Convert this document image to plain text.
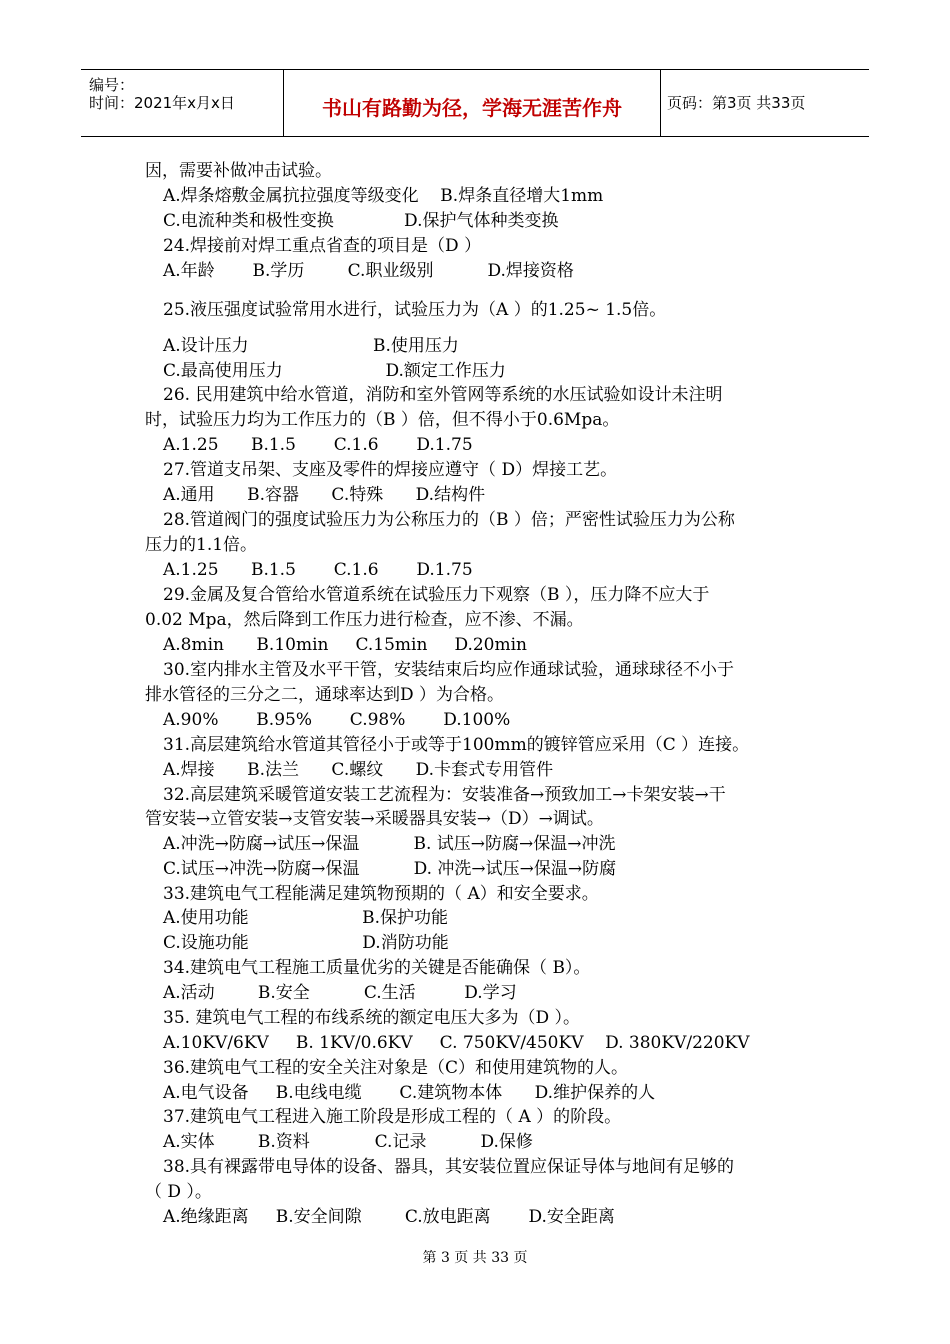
编号：
时间：2021年x月x日	书山有路勤为径，学海无涯苦作舟	页码：第3页 共33页
因，需要补做冲击试验。
A.焊条熔敷金属抗拉强度等级变化    B.焊条直径增大1mm
C.电流种类和极性变换             D.保护气体种类变换
24.焊接前对焊工重点省查的项目是（D ）
A.年龄       B.学历        C.职业级别          D.焊接资格
25.液压强度试验常用水进行，试验压力为（A ）的1.25~ 1.5倍。
A.设计压力                       B.使用压力
C.最高使用压力                   D.额定工作压力
26. 民用建筑中给水管道，消防和室外管网等系统的水压试验如设计未注明
时，试验压力均为工作压力的（B ）倍，但不得小于0.6Mpa。
A.1.25      B.1.5       C.1.6       D.1.75
27.管道支吊架、支座及零件的焊接应遵守（ D）焊接工艺。
A.通用      B.容器      C.特殊      D.结构件
28.管道阀门的强度试验压力为公称压力的（B ）倍；严密性试验压力为公称
压力的1.1倍。
A.1.25      B.1.5       C.1.6       D.1.75
29.金属及复合管给水管道系统在试验压力下观察（B ），压力降不应大于
0.02 Mpa，然后降到工作压力进行检查，应不渗、不漏。
A.8min      B.10min     C.15min     D.20min
30.室内排水主管及水平干管，安装结束后均应作通球试验，通球球径不小于
排水管径的三分之二，通球率达到D ）为合格。
A.90%       B.95%       C.98%       D.100%
31.高层建筑给水管道其管径小于或等于100mm的镀锌管应采用（C ）连接。
A.焊接      B.法兰      C.螺纹      D.卡套式专用管件
32.高层建筑采暖管道安装工艺流程为：安装准备→预致加工→卡架安装→干
管安装→立管安装→支管安装→采暖器具安装→（D）→调试。
A.冲洗→防腐→试压→保温          B. 试压→防腐→保温→冲洗
C.试压→冲洗→防腐→保温          D. 冲洗→试压→保温→防腐
33.建筑电气工程能满足建筑物预期的（ A）和安全要求。
A.使用功能                     B.保护功能
C.设施功能                     D.消防功能
34.建筑电气工程施工质量优劣的关键是否能确保（ B）。
A.活动        B.安全          C.生活         D.学习
35. 建筑电气工程的布线系统的额定电压大多为（D ）。
A.10KV/6KV     B. 1KV/0.6KV     C. 750KV/450KV    D. 380KV/220KV
36.建筑电气工程的安全关注对象是（C）和使用建筑物的人。
A.电气设备     B.电线电缆       C.建筑物本体      D.维护保养的人
37.建筑电气工程进入施工阶段是形成工程的（ A ）的阶段。
A.实体        B.资料            C.记录          D.保修
38.具有裸露带电导体的设备、器具，其安装位置应保证导体与地间有足够的
（ D ）。
A.绝缘距离     B.安全间隙        C.放电距离       D.安全距离
第 3 页 共 33 页
